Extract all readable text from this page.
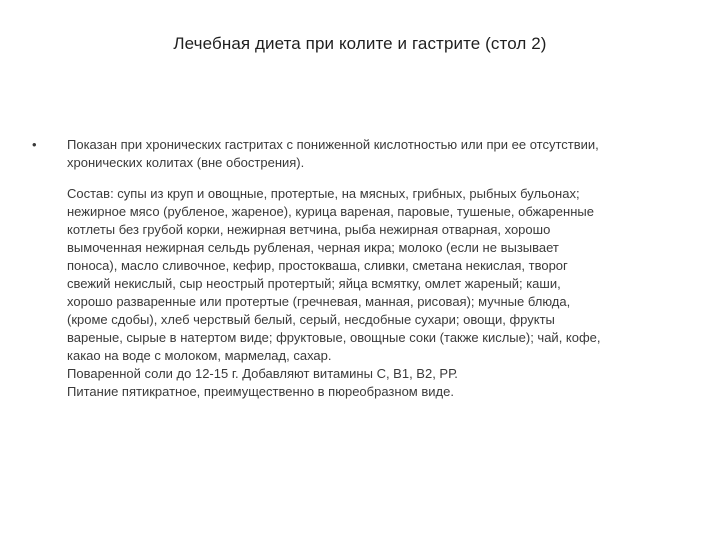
Лечебная диета при колите и гастрите (стол 2)
• Показан при хронических гастритах с пониженной кислотностью или при ее отсутствии,
хронических колитах (вне обострения).

Состав: супы из круп и овощные, протертые, на мясных, грибных, рыбных бульонах;
нежирное мясо (рубленое, жареное), курица вареная, паровые, тушеные, обжаренные
котлеты без грубой корки, нежирная ветчина, рыба нежирная отварная, хорошо
вымоченная нежирная сельдь рубленая, черная икра; молоко (если не вызывает
поноса), масло сливочное, кефир, простокваша, сливки, сметана некислая, творог
свежий некислый, сыр неострый протертый; яйца всмятку, омлет жареный; каши,
хорошо разваренные или протертые (гречневая, манная, рисовая); мучные блюда,
(кроме сдобы), хлеб черствый белый, серый, несдобные сухари; овощи, фрукты
вареные, сырые в натертом виде; фруктовые, овощные соки (также кислые); чай, кофе,
какао на воде с молоком, мармелад, сахар.
Поваренной соли до 12-15 г. Добавляют витамины С, В1, В2, РР.
Питание пятикратное, преимущественно в пюреобразном виде.
